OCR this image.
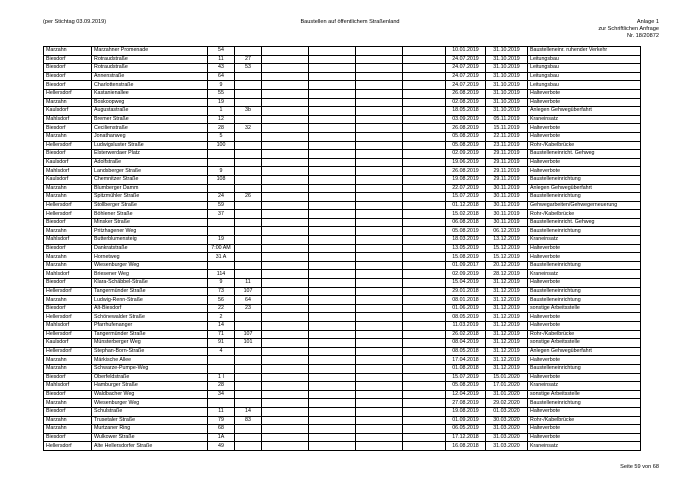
(per Stichtag 03.09.2019)	Baustellen auf öffentlichem Straßenland	Anlage 1
zur Schriftlichen Anfrage
Nr. 18/20872
Marzahn	Marzahner Promenade	54						10.01.2019	31.10.2019	Baustelleneinr. ruhender Verkehr
Biesdorf	Rotraudstraße	11	27					24.07.2019	31.10.2019	Leitungsbau
Biesdorf	Rotraudstraße	43	53					24.07.2019	31.10.2019	Leitungsbau
Biesdorf	Annenstraße	64						24.07.2019	31.10.2019	Leitungsbau
Biesdorf	Charlottenstraße	9						24.07.2019	31.10.2019	Leitungsbau
Hellersdorf	Kastanienallee	55						26.08.2019	31.10.2019	Halteverbote
Marzahn	Boskoopweg	19						02.08.2019	31.10.2019	Halteverbote
Kaulsdorf	Augustastraße	1	3b					18.05.2018	31.10.2019	Anlegen Gehwegüberfahrt
Mahlsdorf	Bremer Straße	12						03.09.2019	05.11.2019	Kraneinsatz
Biesdorf	Cecilienstraße	28	32					26.08.2019	15.11.2019	Halteverbote
Marzahn	Jonathanweg	5						05.08.2019	22.11.2019	Halteverbote
Hellersdorf	Ludwigsluster Straße	100						05.08.2019	23.11.2019	Rohr-/Kabelbrücke
Biesdorf	Elsterwerdaer Platz							02.09.2019	29.11.2019	Baustelleneinricht. Gehweg
Kaulsdorf	Adolfstraße							19.06.2019	29.11.2019	Halteverbote
Mahlsdorf	Landsberger Straße	9						26.08.2019	29.11.2019	Halteverbote
Kaulsdorf	Chemnitzer Straße	108						19.08.2019	29.11.2019	Baustelleneinrichtung
Marzahn	Blumberger Damm							22.07.2019	30.11.2019	Anlegen Gehwegüberfahrt
Marzahn	Spitzmühler Straße	24	26					15.07.2019	30.11.2019	Baustelleneinrichtung
Hellersdorf	Stollberger Straße	59						01.12.2018	30.11.2019	Gehwegarbeiten/Gehwegerneuerung
Hellersdorf	Böhlener Straße	37						15.02.2018	30.11.2019	Rohr-/Kabelbrücke
Biesdorf	Minsker Straße							06.08.2018	30.11.2019	Baustelleneinricht. Gehweg
Marzahn	Pritzhagener Weg							05.08.2019	06.12.2019	Baustelleneinrichtung
Mahlsdorf	Butterblumensteig	19						18.03.2019	13.12.2019	Kraneinsatz
Biesdorf	Dankratstraße	7:00 AM						13.05.2019	15.12.2019	Halteverbote
Marzahn	Hornetweg	31 A						15.08.2019	15.12.2019	Halteverbote
Marzahn	Wiesenburger Weg							01.09.2017	20.12.2019	Baustelleneinrichtung
Mahlsdorf	Briesener Weg	114						02.09.2019	28.12.2019	Kraneinsatz
Biesdorf	Klara-Schäbbel-Straße	9	11					15.04.2019	31.12.2019	Halteverbote
Hellersdorf	Tangermünder Straße	73	107					29.01.2018	31.12.2019	Baustelleneinrichtung
Marzahn	Ludwig-Renn-Straße	56	64					08.01.2018	31.12.2019	Baustelleneinrichtung
Biesdorf	Alt-Biesdorf	22	23					01.06.2019	31.12.2019	sonstige Arbeitsstelle
Hellersdorf	Schönewalder Straße	2						08.05.2019	31.12.2019	Halteverbote
Mahlsdorf	Pfarrhufenanger	14						11.03.2019	31.12.2019	Halteverbote
Hellersdorf	Tangermünder Straße	71	107					26.02.2018	31.12.2019	Rohr-/Kabelbrücke
Kaulsdorf	Münsterberger Weg	91	101					08.04.2019	31.12.2019	sonstige Arbeitsstelle
Hellersdorf	Stephan-Born-Straße	4						08.05.2018	31.12.2019	Anlegen Gehwegüberfahrt
Marzahn	Märkische Allee							17.04.2018	31.12.2019	Halteverbote
Marzahn	Schwarze-Pumpe-Weg							01.08.2018	31.12.2019	Baustelleneinrichtung
Biesdorf	Oberfeldstraße	1 I						15.07.2019	15.01.2020	Halteverbote
Mahlsdorf	Hamburger Straße	28						05.08.2019	17.01.2020	Kraneinsatz
Biesdorf	Waldbacher Weg	34						12.04.2019	31.01.2020	sonstige Arbeitsstelle
Marzahn	Wiesenburger Weg							27.08.2019	29.02.2020	Baustelleneinrichtung
Biesdorf	Schulstraße	11	14					19.08.2019	01.03.2020	Halteverbote
Marzahn	Trusetaler Straße	79	83					01.09.2019	30.03.2020	Rohr-/Kabelbrücke
Marzahn	Murtzaner Ring	68						06.05.2019	31.03.2020	Halteverbote
Biesdorf	Wulkower Straße	1A						17.12.2018	31.03.2020	Halteverbote
Hellersdorf	Alte Hellersdorfer Straße	49						16.08.2018	31.03.2020	Kraneinsatz
Seite 59 von 68
